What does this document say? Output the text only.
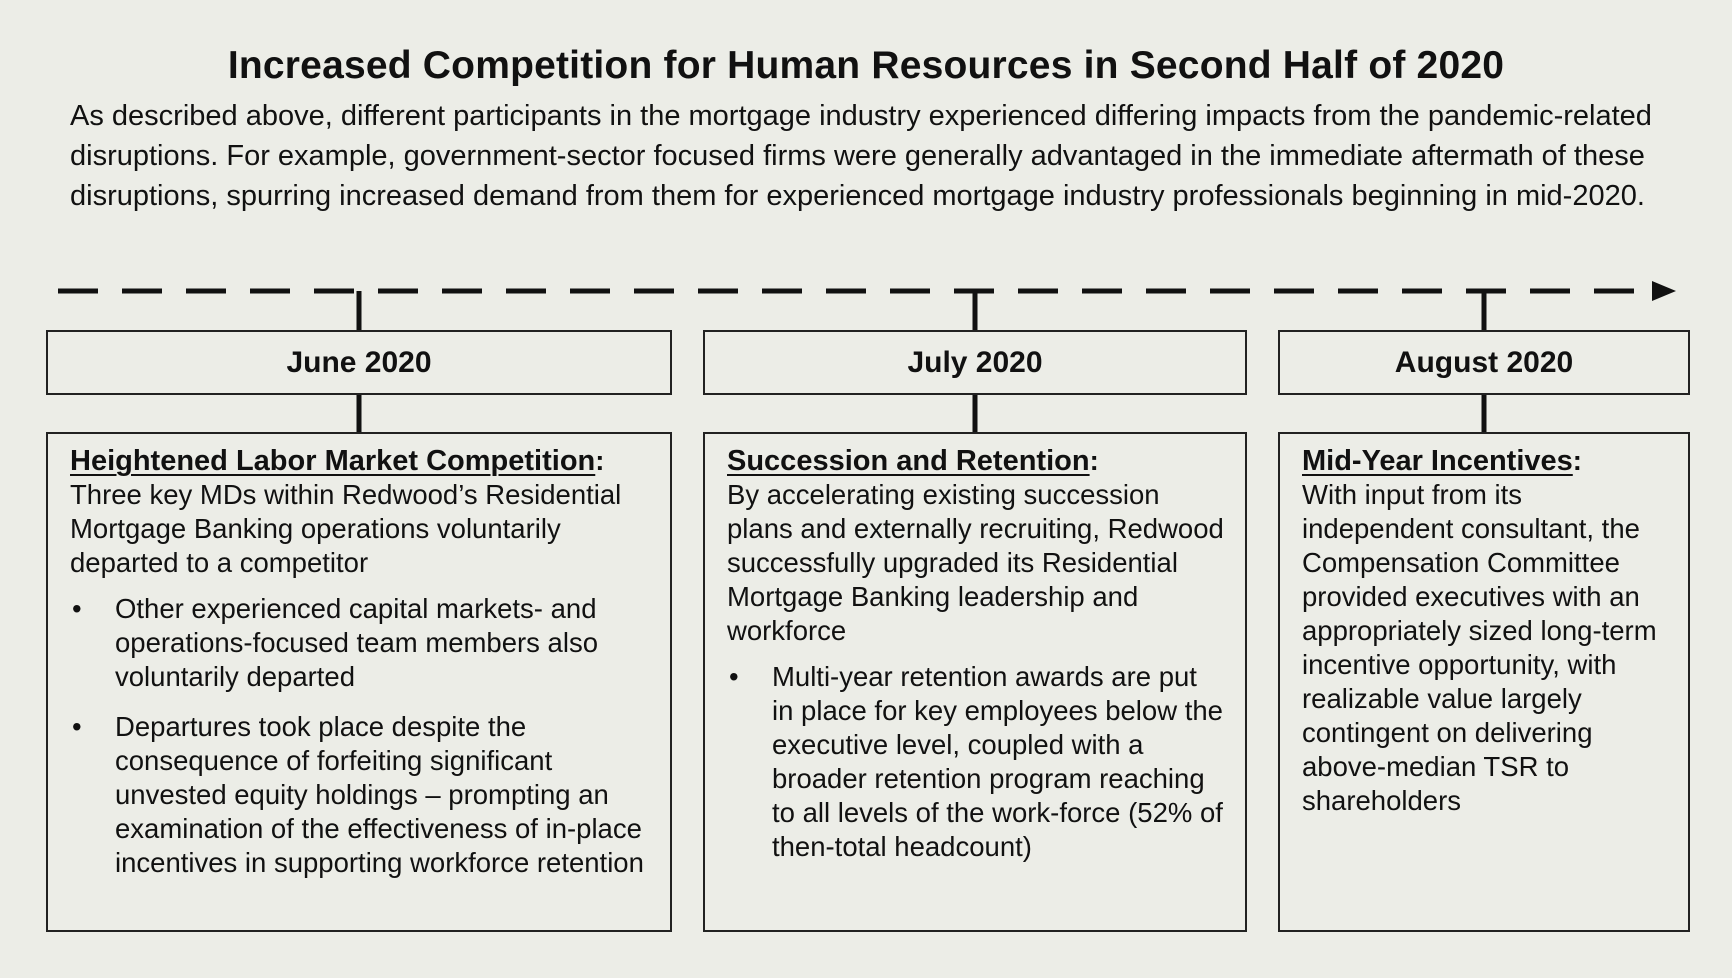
Increased Competition for Human Resources in Second Half of 2020

As described above, different participants in the mortgage industry experienced differing impacts from the pandemic-related disruptions. For example, government-sector focused firms were generally advantaged in the immediate aftermath of these disruptions, spurring increased demand from them for experienced mortgage industry professionals beginning in mid-2020.

June 2020
Heightened Labor Market Competition:

Three key MDs within Redwood’s Residential Mortgage Banking operations voluntarily departed to a competitor

• Other experienced capital markets- and operations-focused team members also voluntarily departed
• Departures took place despite the consequence of forfeiting significant unvested equity holdings – prompting an examination of the effectiveness of in-place incentives in supporting workforce retention
July 2020
Succession and Retention:

By accelerating existing succession plans and externally recruiting, Redwood successfully upgraded its Residential Mortgage Banking leadership and workforce

• Multi-year retention awards are put in place for key employees below the executive level, coupled with a broader retention program reaching to all levels of the work-force (52% of then-total headcount)
August 2020
Mid-Year Incentives:

With input from its independent consultant, the Compensation Committee provided executives with an appropriately sized long-term incentive opportunity, with realizable value largely contingent on delivering above-median TSR to shareholders
